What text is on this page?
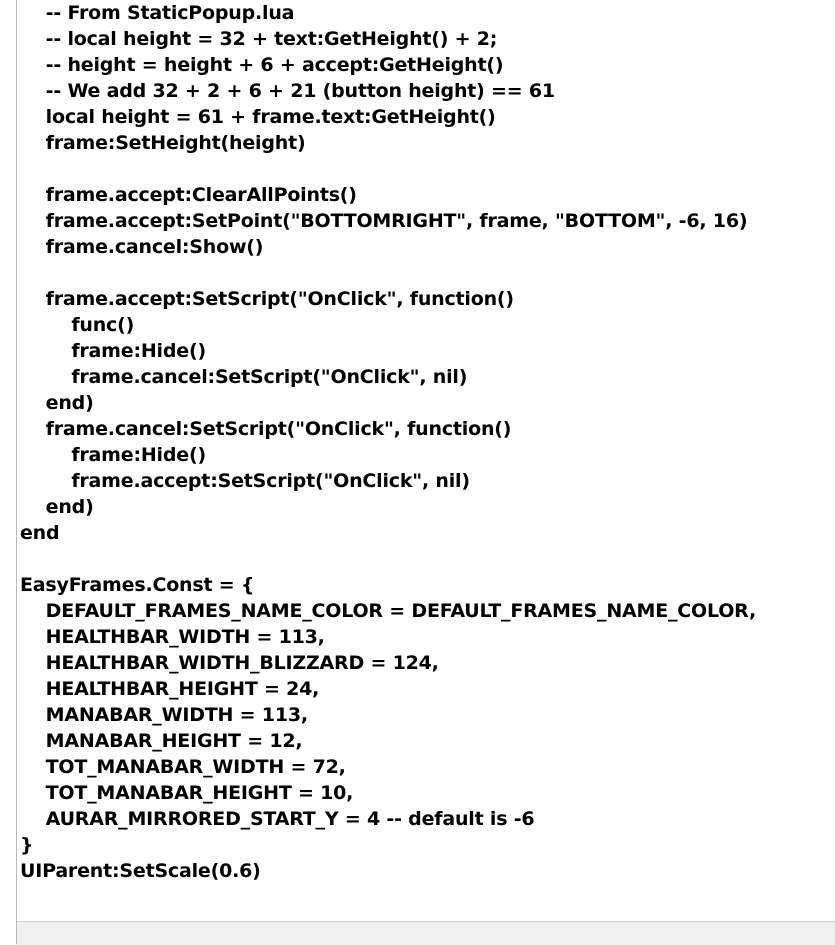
-- From StaticPopup.lua
-- local height = 32 + text:GetHeight() + 2;
-- height = height + 6 + accept:GetHeight()
-- We add 32 + 2 + 6 + 21 (button height) == 61
local height = 61 + frame.text:GetHeight()
frame:SetHeight(height)
frame.accept:ClearAllPoints()
frame.accept:SetPoint("BOTTOMRIGHT", frame, "BOTTOM", -6, 16)
frame.cancel:Show()
frame.accept:SetScript("OnClick", function()
func()
frame:Hide()
frame.cancel:SetScript("OnClick", nil)
end)
frame.cancel:SetScript("OnClick", function()
frame:Hide()
frame.accept:SetScript("OnClick", nil)
end)
end
EasyFrames.Const = {
DEFAULT_FRAMES_NAME_COLOR = DEFAULT_FRAMES_NAME_COLOR,
HEALTHBAR_WIDTH = 113,
HEALTHBAR_WIDTH_BLIZZARD = 124,
HEALTHBAR_HEIGHT = 24,
MANABAR_WIDTH = 113,
MANABAR_HEIGHT = 12,
TOT_MANABAR_WIDTH = 72,
TOT_MANABAR_HEIGHT = 10,
AURAR_MIRRORED_START_Y = 4 -- default is -6
}
UIParent:SetScale(0.6)
